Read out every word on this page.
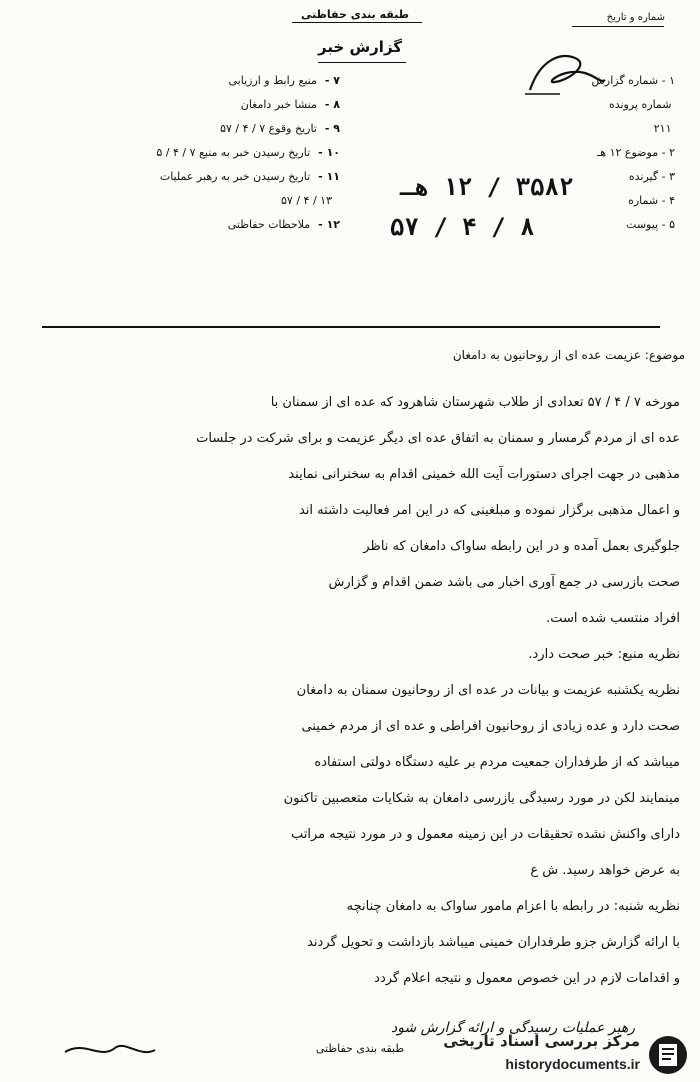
شماره و تاریخ
طبقه بندی حفاظتی
گزارش خبر
۷ -
منبع رابط و ارزیابی
۸ -
منشا خبر دامغان
۹ -
تاریخ وقوع ۷ / ۴ / ۵۷
۱۰ -
تاریخ رسیدن خبر به منبع ۷ / ۴ / ۵
۱۱ -
تاریخ رسیدن خبر به رهبر عملیات
۱۳ / ۴ / ۵۷
۱۲ -
ملاحظات حفاظتی
۱ -

شماره گزارش

شماره پرونده

۲۱۱
۲ -

موضوع ۱۲ هـ
۳ -

گیرنده
۴ -

شماره
۵ -

پیوست
۳۵۸۲ / ۱۲ هـ
۸ / ۴ / ۵۷
موضوع: عزیمت عده ای از روحانیون به دامغان

مورخه ۷ / ۴ / ۵۷ تعدادی از طلاب شهرستان شاهرود که عده ای از سمنان با

عده ای از مردم گرمسار و سمنان به اتفاق عده ای دیگر عزیمت و برای شرکت در جلسات

مذهبی در جهت اجرای دستورات آیت الله خمینی اقدام به سخنرانی نمایند

و اعمال مذهبی برگزار نموده و مبلغینی که در این امر فعالیت داشته اند

جلوگیری بعمل آمده و در این رابطه ساواک دامغان که ناظر

صحت بازرسی در جمع آوری اخبار می باشد ضمن اقدام و گزارش

افراد منتسب شده است.

نظریه منبع: خبر صحت دارد.

نظریه یکشنبه عزیمت و بیانات در عده ای از روحانیون سمنان به دامغان

صحت دارد و عده زیادی از روحانیون افراطی و عده ای از مردم خمینی

میباشد که از طرفداران جمعیت مردم بر علیه دستگاه دولتی استفاده

مینمایند لکن در مورد رسیدگی بازرسی دامغان به شکایات متعصبین تاکنون

دارای واکنش نشده تحقیقات در این زمینه معمول و در مورد نتیجه مراتب

به عرض خواهد رسید. ش ع

نظریه شنبه: در رابطه با اعزام مامور ساواک به دامغان چنانچه

با ارائه گزارش جزو طرفداران خمینی میباشد بازداشت و تحویل گردند

و اقدامات لازم در این خصوص معمول و نتیجه اعلام گردد

رهبر عملیات رسیدگی و ارائه گزارش شود
طبقه بندی حفاظتی	مرکز بررسی اسناد تاریخی
historydocuments.ir
